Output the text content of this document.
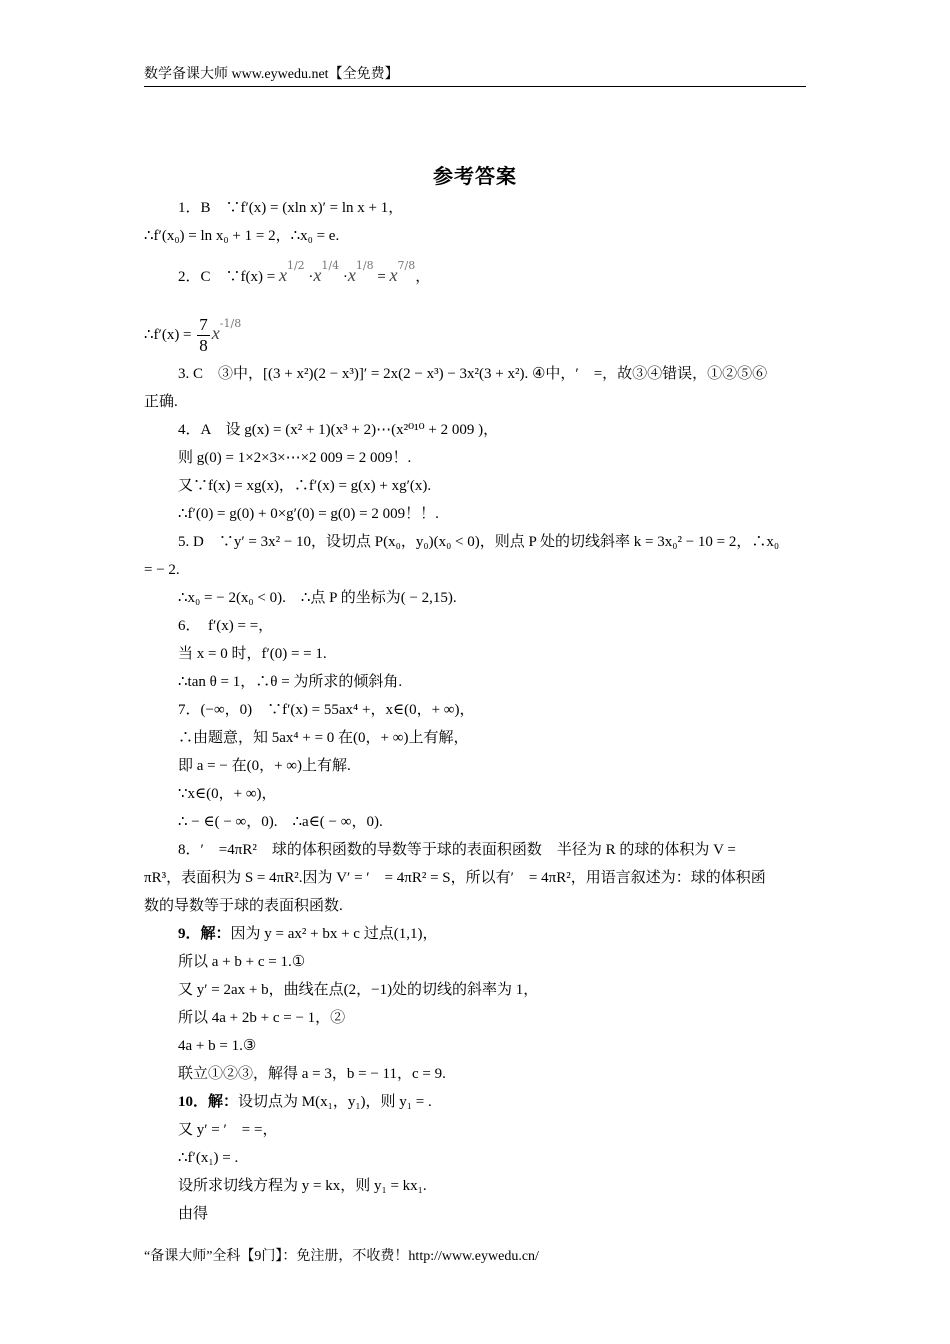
数学备课大师 www.eywedu.net【全免费】
参考答案
1．B　∵f′(x) = (xln x)′ = ln x + 1，
∴f′(x₀) = ln x₀ + 1 = 2，∴x₀ = e.
2．C　∵f(x) = $x^{1/2} \cdot x^{1/4} \cdot x^{1/8} = x^{7/8}$，
∴f′(x) = $\frac{7}{8} x^{-1/8}$
3. C　③中，[(3 + x²)(2 − x³)]′ = 2x(2 − x³) − 3x²(3 + x²). ④中，′　=，故③④错误，①②⑤⑥
正确.
4．A　设 g(x) = (x² + 1)(x³ + 2)⋯(x²⁰¹⁰ + 2 009 )，
则 g(0) = 1×2×3×⋯×2 009 = 2 009！.
又∵f(x) = xg(x)，∴f′(x) = g(x) + xg′(x).
∴f′(0) = g(0) + 0×g′(0) = g(0) = 2 009！！.
5. D　∵y′ = 3x² − 10，设切点 P(x₀，y₀)(x₀ < 0)，则点 P 处的切线斜率 k = 3x₀² − 10 = 2，∴x₀
= − 2.
∴x₀ = − 2(x₀ < 0).　∴点 P 的坐标为( − 2,15).
6．　f′(x) = =，
当 x = 0 时，f′(0) = = 1.
∴tan θ = 1，∴θ = 为所求的倾斜角.
7．(−∞，0)　∵f′(x) = 55ax⁴ +，x∈(0，+ ∞)，
∴由题意，知 5ax⁴ + = 0 在(0，+ ∞)上有解，
即 a = − 在(0，+ ∞)上有解.
∵x∈(0，+ ∞)，
∴ − ∈( − ∞，0).　∴a∈( − ∞，0).
8．′　=4πR²　球的体积函数的导数等于球的表面积函数　半径为 R 的球的体积为 V =
πR³，表面积为 S = 4πR².因为 V′ = ′　= 4πR² = S，所以有′　= 4πR²，用语言叙述为：球的体积函
数的导数等于球的表面积函数.
9．解：因为 y = ax² + bx + c 过点(1,1)，
所以 a + b + c = 1.①
又 y′ = 2ax + b，曲线在点(2，−1)处的切线的斜率为 1，
所以 4a + 2b + c = − 1，②
4a + b = 1.③
联立①②③，解得 a = 3，b = − 11，c = 9.
10．解：设切点为 M(x₁，y₁)，则 y₁ = .
又 y′ = ′　= =，
∴f′(x₁) = .
设所求切线方程为 y = kx，则 y₁ = kx₁.
由得
“备课大师”全科【9门】：免注册，不收费！http://www.eywedu.cn/
